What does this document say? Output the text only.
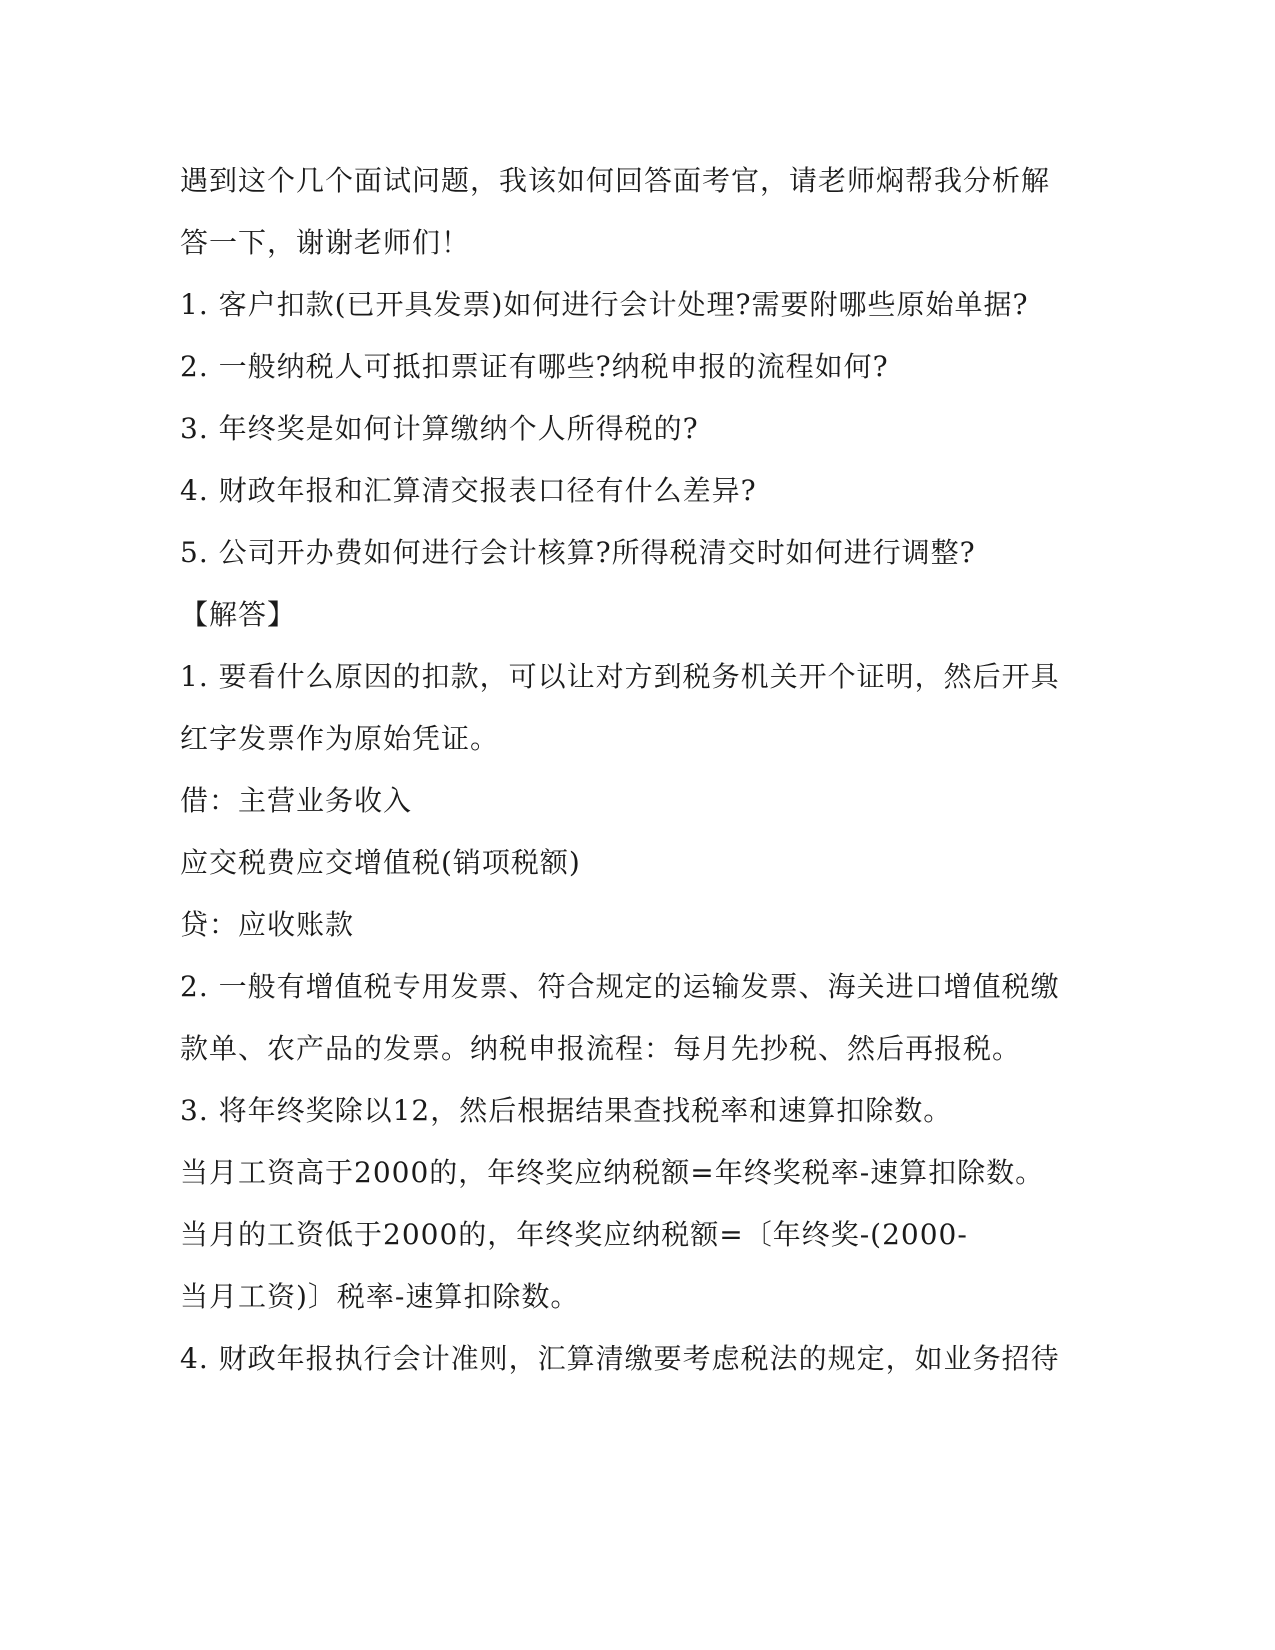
遇到这个几个面试问题，我该如何回答面考官，请老师焖帮我分析解
答一下，谢谢老师们！
1. 客户扣款(已开具发票)如何进行会计处理?需要附哪些原始单据?
2. 一般纳税人可抵扣票证有哪些?纳税申报的流程如何?
3. 年终奖是如何计算缴纳个人所得税的?
4. 财政年报和汇算清交报表口径有什么差异?
5. 公司开办费如何进行会计核算?所得税清交时如何进行调整?
【解答】
1. 要看什么原因的扣款，可以让对方到税务机关开个证明，然后开具
红字发票作为原始凭证。
借：主营业务收入
应交税费应交增值税(销项税额)
贷：应收账款
2. 一般有增值税专用发票、符合规定的运输发票、海关进口增值税缴
款单、农产品的发票。纳税申报流程：每月先抄税、然后再报税。
3. 将年终奖除以12，然后根据结果查找税率和速算扣除数。
当月工资高于2000的，年终奖应纳税额=年终奖税率-速算扣除数。
当月的工资低于2000的，年终奖应纳税额=〔年终奖-(2000-
当月工资)〕税率-速算扣除数。
4. 财政年报执行会计准则，汇算清缴要考虑税法的规定，如业务招待
